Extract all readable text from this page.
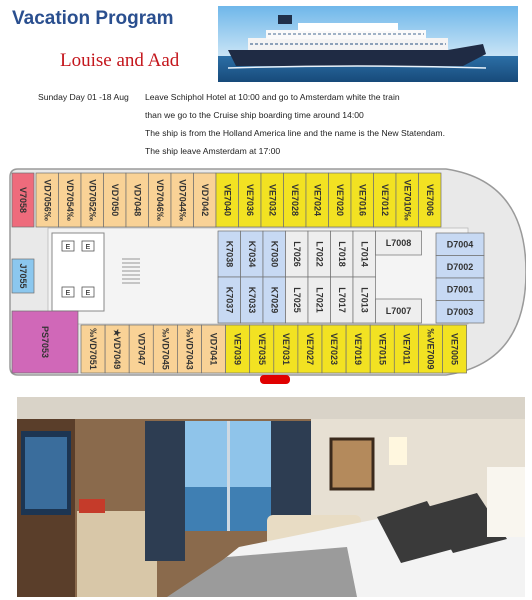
Vacation Program
Louise and Aad
Sunday Day 01 -18 Aug Leave Schiphol Hotel at 10:00 and go to Amsterdam white the train
than we go to the Cruise ship boarding time around 14:00
The ship is from the Holland America line and the name is the New Statendam.
The ship leave Amsterdam at 17:00
E E
E E
VD7056‰ VD7054‰ VD7052‰ VD7050 VD7048 VD7046‰ VD7044‰ VD7042 VE7040 VE7036 VE7032 VE7028 VE7024 VE7020 VE7016 VE7012 VE7010‰ VE7006
‰VD7051 ★VD7049 VD7047 ‰VD7045 ‰VD7043 VD7041 VE7039 VE7035 VE7031 VE7027 VE7023 VE7019 VE7015 VE7011 ‰VE7009 VE7005
K7038 K7034 K7030 L7026 L7022 L7018 L7014
K7037 K7033 K7029 L7025 L7021 L7017 L7013
L7008
L7007
D7004
D7002
D7001
D7003
V7058
J7055
PS7053
